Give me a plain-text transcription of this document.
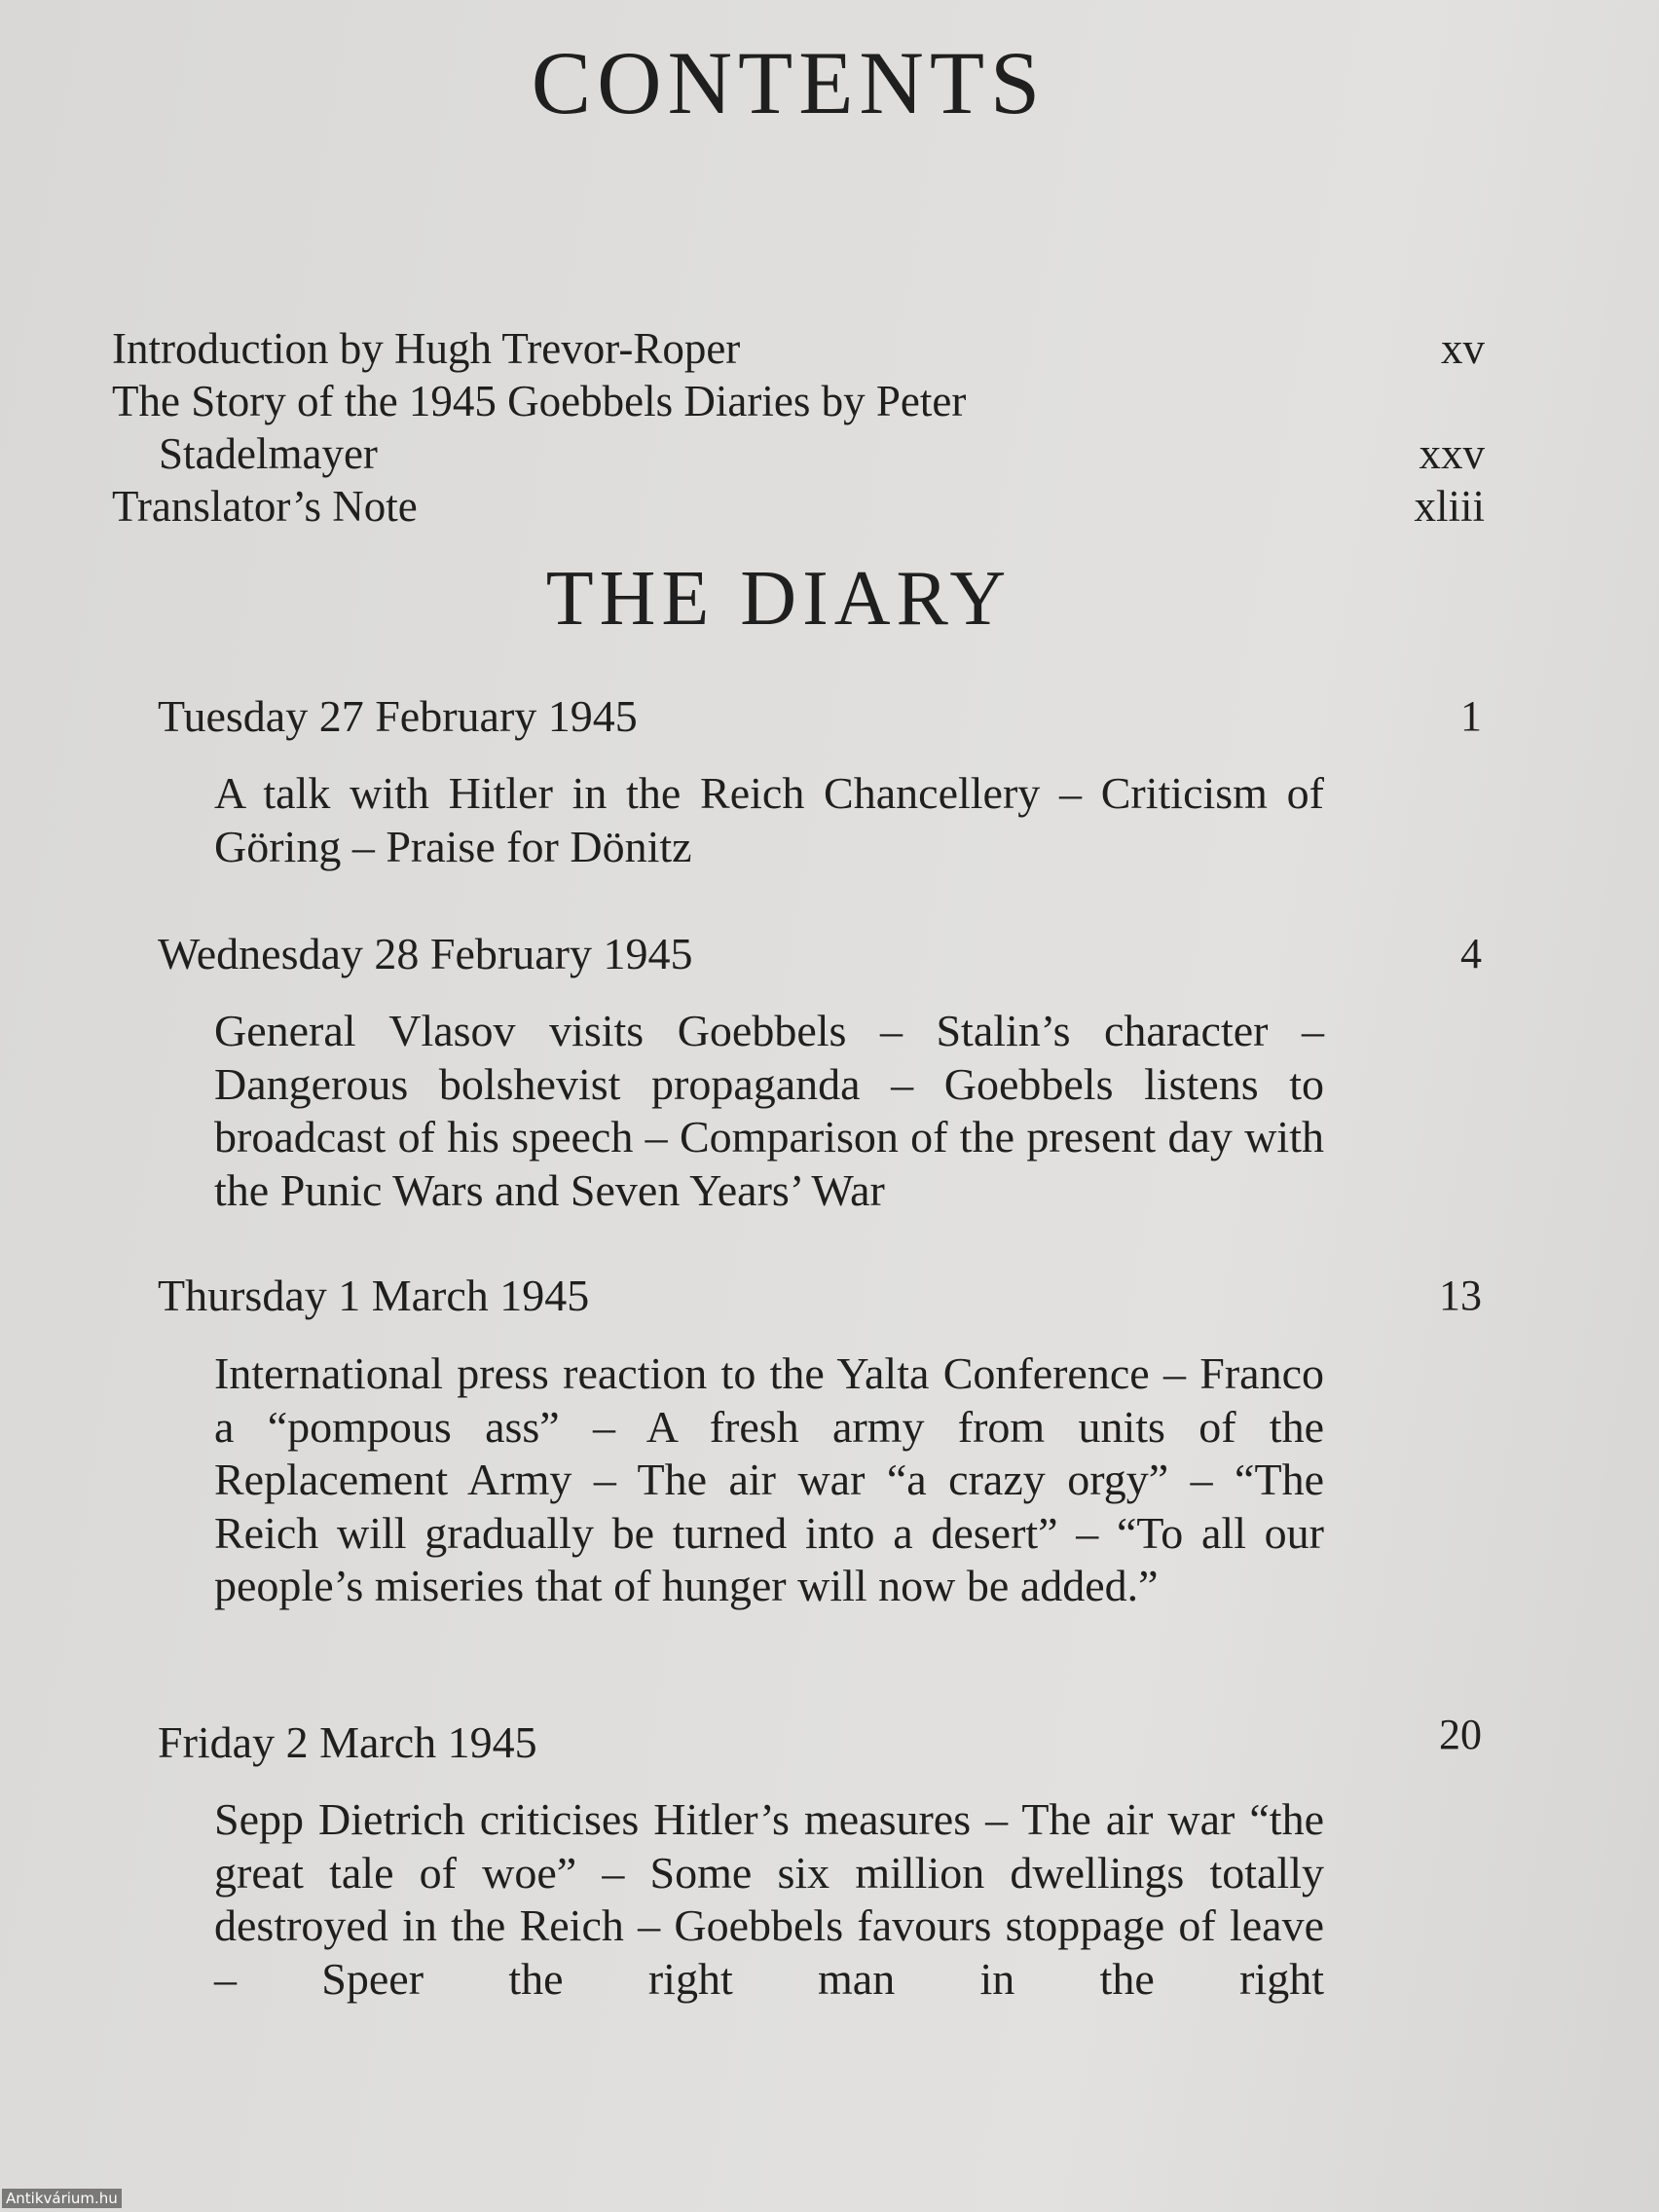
CONTENTS
Introduction by Hugh Trevor-Roper	xv
The Story of the 1945 Goebbels Diaries by Peter
Stadelmayer	xxv
Translator’s Note	xliii
THE DIARY
Tuesday 27 February 1945	1

A talk with Hitler in the Reich Chancellery – Criticism of Göring – Praise for Dönitz

Wednesday 28 February 1945	4

General Vlasov visits Goebbels – Stalin’s character – Dangerous bolshevist propaganda – Goebbels listens to broadcast of his speech – Comparison of the present day with the Punic Wars and Seven Years’ War

Thursday 1 March 1945	13

International press reaction to the Yalta Conference – Franco a “pompous ass” – A fresh army from units of the Replacement Army – The air war “a crazy orgy” – “The Reich will gradually be turned into a desert” – “To all our people’s miseries that of hunger will now be added.”

Friday 2 March 1945	20

Sepp Dietrich criticises Hitler’s measures – The air war “the great tale of woe” – Some six million dwellings totally destroyed in the Reich – Goebbels favours stoppage of leave – Speer the right man in the right

Antikvárium.hu
